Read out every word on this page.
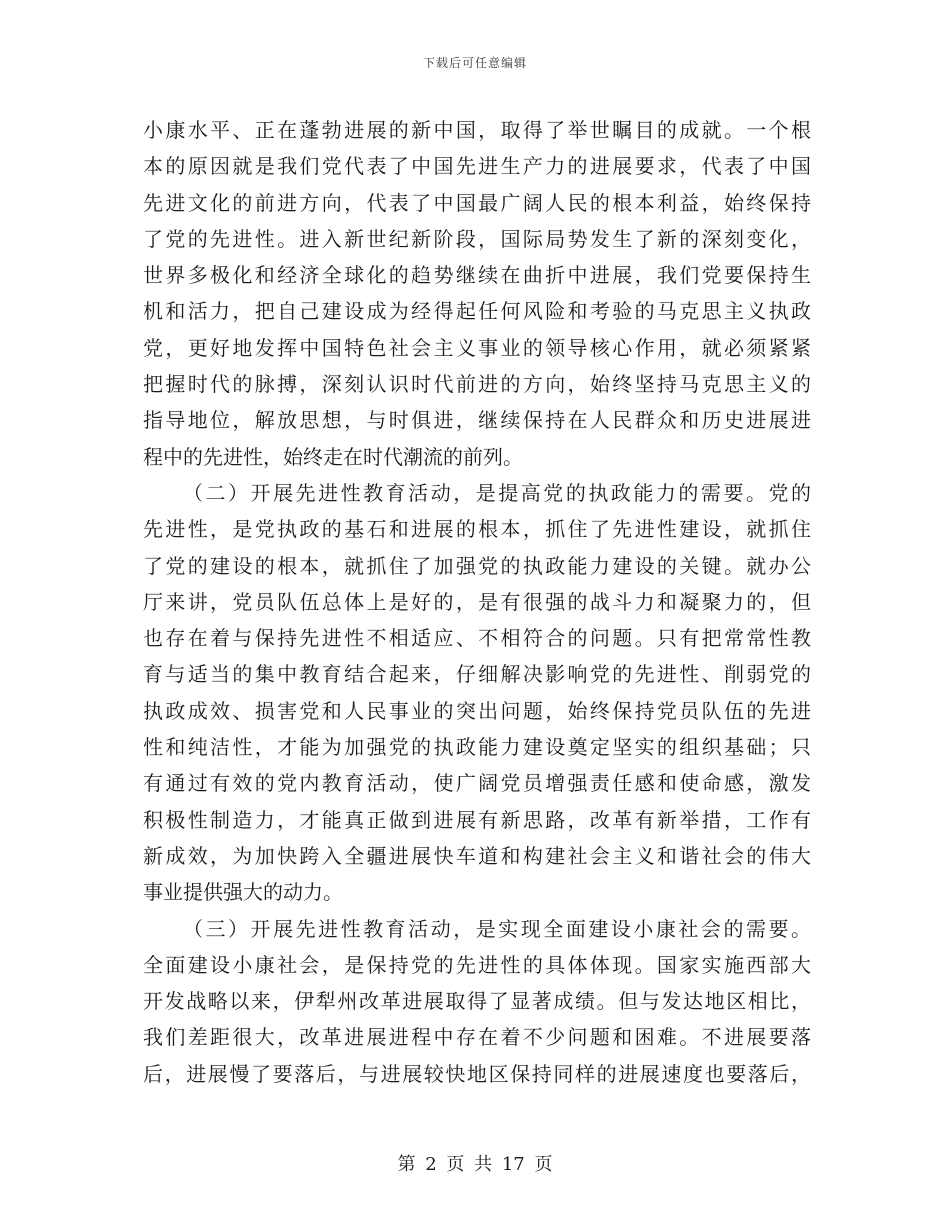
下载后可任意编辑
小康水平、正在蓬勃进展的新中国，取得了举世瞩目的成就。一个根
本的原因就是我们党代表了中国先进生产力的进展要求，代表了中国
先进文化的前进方向，代表了中国最广阔人民的根本利益，始终保持
了党的先进性。进入新世纪新阶段，国际局势发生了新的深刻变化，
世界多极化和经济全球化的趋势继续在曲折中进展，我们党要保持生
机和活力，把自己建设成为经得起任何风险和考验的马克思主义执政
党，更好地发挥中国特色社会主义事业的领导核心作用，就必须紧紧
把握时代的脉搏，深刻认识时代前进的方向，始终坚持马克思主义的
指导地位，解放思想，与时俱进，继续保持在人民群众和历史进展进
程中的先进性，始终走在时代潮流的前列。
（二）开展先进性教育活动，是提高党的执政能力的需要。党的
先进性，是党执政的基石和进展的根本，抓住了先进性建设，就抓住
了党的建设的根本，就抓住了加强党的执政能力建设的关键。就办公
厅来讲，党员队伍总体上是好的，是有很强的战斗力和凝聚力的，但
也存在着与保持先进性不相适应、不相符合的问题。只有把常常性教
育与适当的集中教育结合起来，仔细解决影响党的先进性、削弱党的
执政成效、损害党和人民事业的突出问题，始终保持党员队伍的先进
性和纯洁性，才能为加强党的执政能力建设奠定坚实的组织基础；只
有通过有效的党内教育活动，使广阔党员增强责任感和使命感，激发
积极性制造力，才能真正做到进展有新思路，改革有新举措，工作有
新成效，为加快跨入全疆进展快车道和构建社会主义和谐社会的伟大
事业提供强大的动力。
（三）开展先进性教育活动，是实现全面建设小康社会的需要。
全面建设小康社会，是保持党的先进性的具体体现。国家实施西部大
开发战略以来，伊犁州改革进展取得了显著成绩。但与发达地区相比，
我们差距很大，改革进展进程中存在着不少问题和困难。不进展要落
后，进展慢了要落后，与进展较快地区保持同样的进展速度也要落后，
第 2 页 共 17 页
